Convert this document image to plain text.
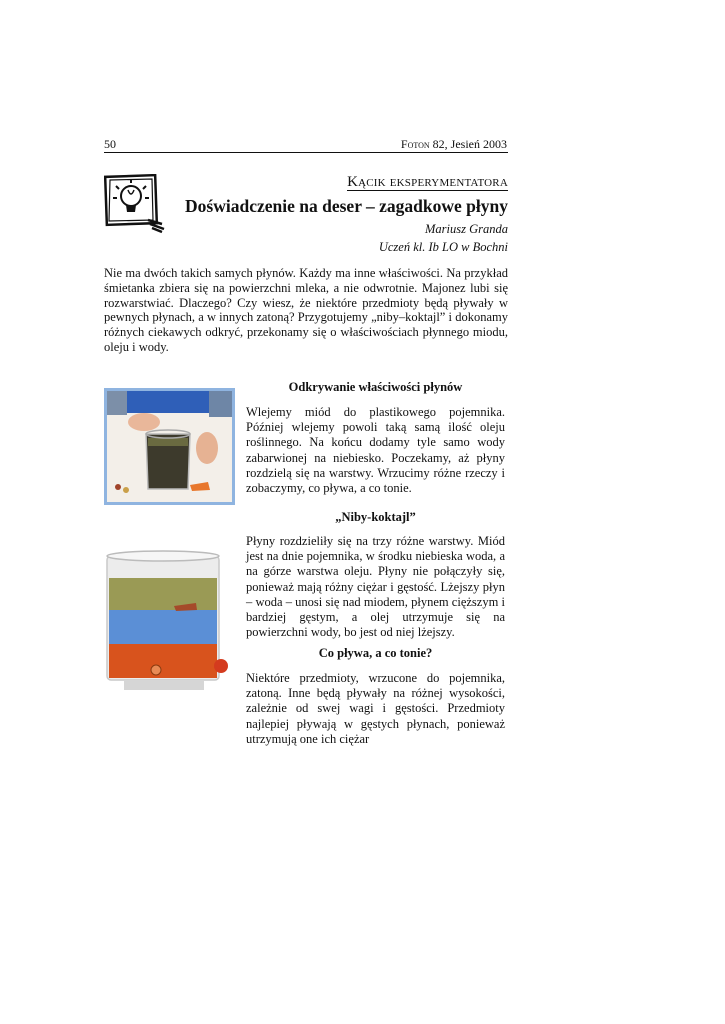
50	Foton 82, Jesień 2003
Kącik eksperymentatora
Doświadczenie na deser – zagadkowe płyny
Mariusz Granda
Uczeń kl. Ib LO w Bochni

Nie ma dwóch takich samych płynów. Każdy ma inne właściwości. Na przykład śmietanka zbiera się na powierzchni mleka, a nie odwrotnie. Majonez lubi się rozwarstwiać. Dlaczego? Czy wiesz, że niektóre przedmioty będą pływały w pewnych płynach, a w innych zatoną? Przygotujemy „niby–koktajl” i dokonamy różnych ciekawych odkryć, przekonamy się o właściwościach płynnego miodu, oleju i wody.

Odkrywanie właściwości płynów

Wlejemy miód do plastikowego pojemnika. Później wlejemy powoli taką samą ilość oleju roślinnego. Na końcu dodamy tyle samo wody zabarwionej na niebiesko. Poczekamy, aż płyny rozdzielą się na warstwy. Wrzucimy różne rzeczy i zobaczymy, co pływa, a co tonie.

„Niby-koktajl”

Płyny rozdzieliły się na trzy różne warstwy. Miód jest na dnie pojemnika, w środku niebieska woda, a na górze warstwa oleju. Płyny nie połączyły się, ponieważ mają różny ciężar i gęstość. Lżejszy płyn – woda – unosi się nad miodem, płynem cięższym i bardziej gęstym, a olej utrzymuje się na powierzchni wody, bo jest od niej lżejszy.

Co pływa, a co tonie?

Niektóre przedmioty, wrzucone do pojemnika, zatoną. Inne będą pływały na różnej wysokości, zależnie od swej wagi i gęstości. Przedmioty najlepiej pływają w gęstych płynach, ponieważ utrzymują one ich ciężar
